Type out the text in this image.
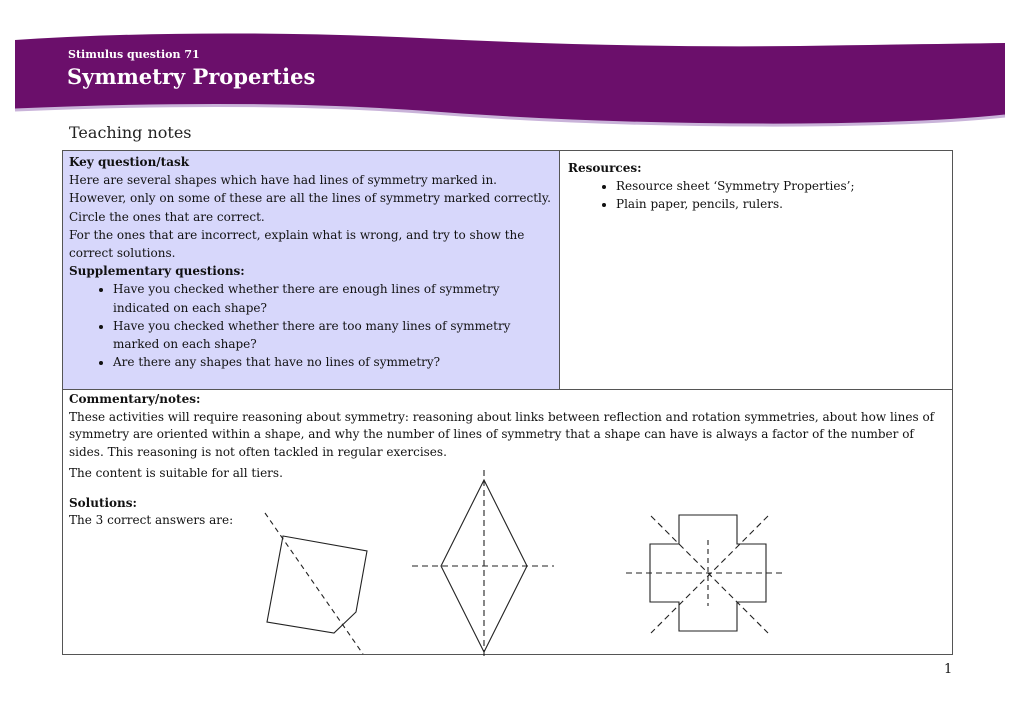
Stimulus question 71
Symmetry Properties
Teaching notes
Key question/task

Here are several shapes which have had lines of symmetry marked in.

However, only on some of these are all the lines of symmetry marked correctly.

Circle the ones that are correct.

For the ones that are incorrect, explain what is wrong, and try to show the correct solutions.

Supplementary questions:
• Have you checked whether there are enough lines of symmetry indicated on each shape?
• Have you checked whether there are too many lines of symmetry marked on each shape?
• Are there any shapes that have no lines of symmetry?
Resources:
• Resource sheet ‘Symmetry Properties’;
• Plain paper, pencils, rulers.
Commentary/notes:

These activities will require reasoning about symmetry: reasoning about links between reflection and rotation symmetries, about how lines of symmetry are oriented within a shape, and why the number of lines of symmetry that a shape can have is always a factor of the number of sides. This reasoning is not often tackled in regular exercises.

The content is suitable for all tiers.

Solutions:

The 3 correct answers are:

1
